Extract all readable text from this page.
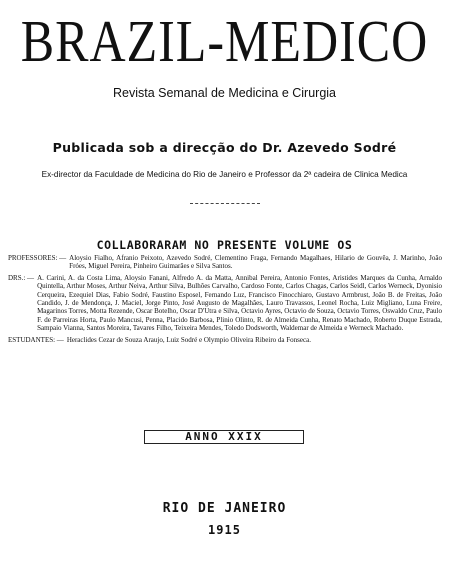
BRAZIL-MEDICO
Revista Semanal de Medicina e Cirurgia
Publicada sob a direcção do Dr. Azevedo Sodré
Ex-director da Faculdade de Medicina do Rio de Janeiro e Professor da 2ª cadeira de Clinica Medica
COLLABORARAM NO PRESENTE VOLUME OS
PROFESSORES: — Aloysio Fialho, Afranio Peixoto, Azevedo Sodré, Clementino Fraga, Fernando Magalhaes, Hilario de Gouvêa, J. Marinho, João Fróes, Miguel Pereira, Pinheiro Guimarães e Silva Santos.
DRS.: — A. Carini, A. da Costa Lima, Aloysio Fanani, Alfredo A. da Matta, Annibal Pereira, Antonio Fontes, Aristides Marques da Cunha, Arnaldo Quintella, Arthur Moses, Arthur Neiva, Arthur Silva, Bulhões Carvalho, Cardoso Fonte, Carlos Chagas, Carlos Seidl, Carlos Werneck, Dyonisio Cerqueira, Ezequiel Dias, Fabio Sodré, Faustino Esposel, Fernando Luz, Francisco Finocchiaro, Gustavo Armbrust, João B. de Freitas, João Candido, J. de Mendonça, J. Maciel, Jorge Pinto, José Augusto de Magalhães, Lauro Travassos, Leonel Rocha, Luiz Migliano, Luna Freire, Magarinos Torres, Motta Rezende, Oscar Botelho, Oscar D'Utra e Silva, Octavio Ayres, Octavio de Souza, Octavio Torres, Oswaldo Cruz, Paulo F. de Parreiras Horta, Paulo Mancusi, Penna, Placido Barbosa, Plinio Olinto, R. de Almeida Cunha, Renato Machado, Roberto Duque Estrada, Sampaio Vianna, Santos Moreira, Tavares Filho, Teixeira Mendes, Toledo Dodsworth, Waldemar de Almeida e Werneck Machado.
ESTUDANTES: — Heraclides Cezar de Souza Araujo, Luiz Sodré e Olympio Oliveira Ribeiro da Fonseca.
ANNO XXIX
RIO DE JANEIRO
1915
